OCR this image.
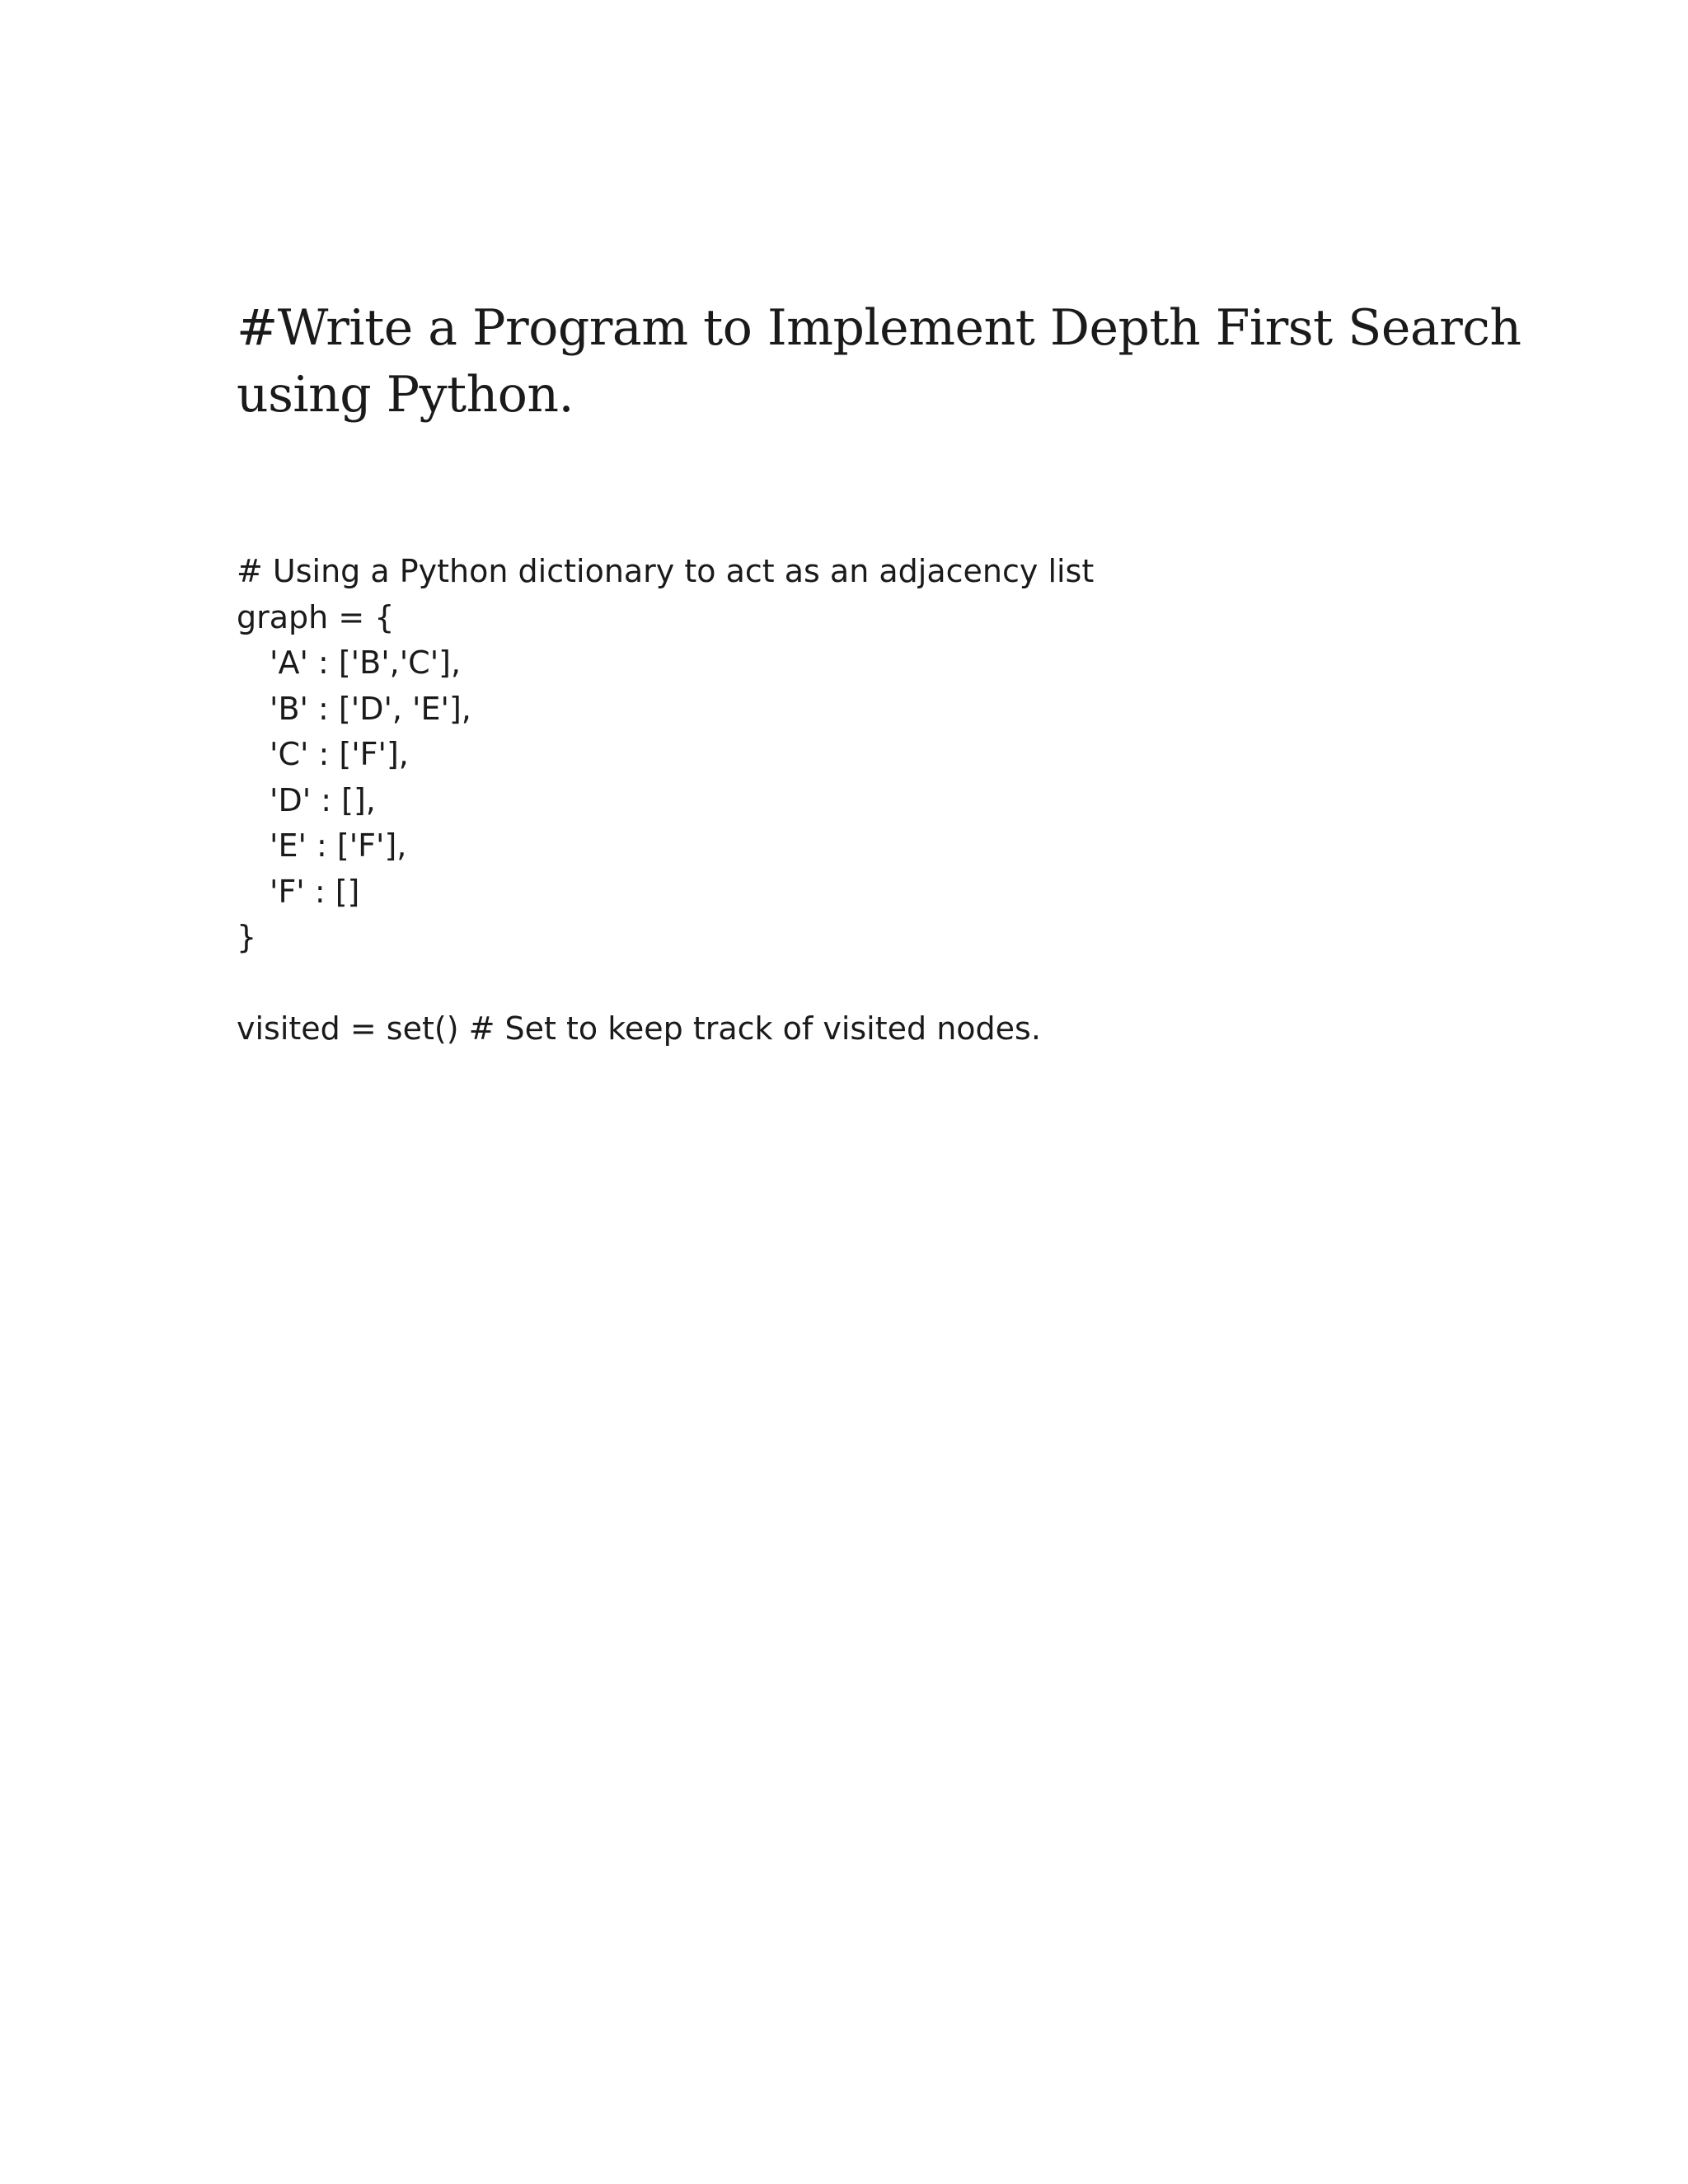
#Write a Program to Implement Depth First Search
using Python.
# Using a Python dictionary to act as an adjacency list
graph = {
'A' : ['B','C'],
'B' : ['D', 'E'],
'C' : ['F'],
'D' : [],
'E' : ['F'],
'F' : []
}
visited = set() # Set to keep track of visited nodes.
